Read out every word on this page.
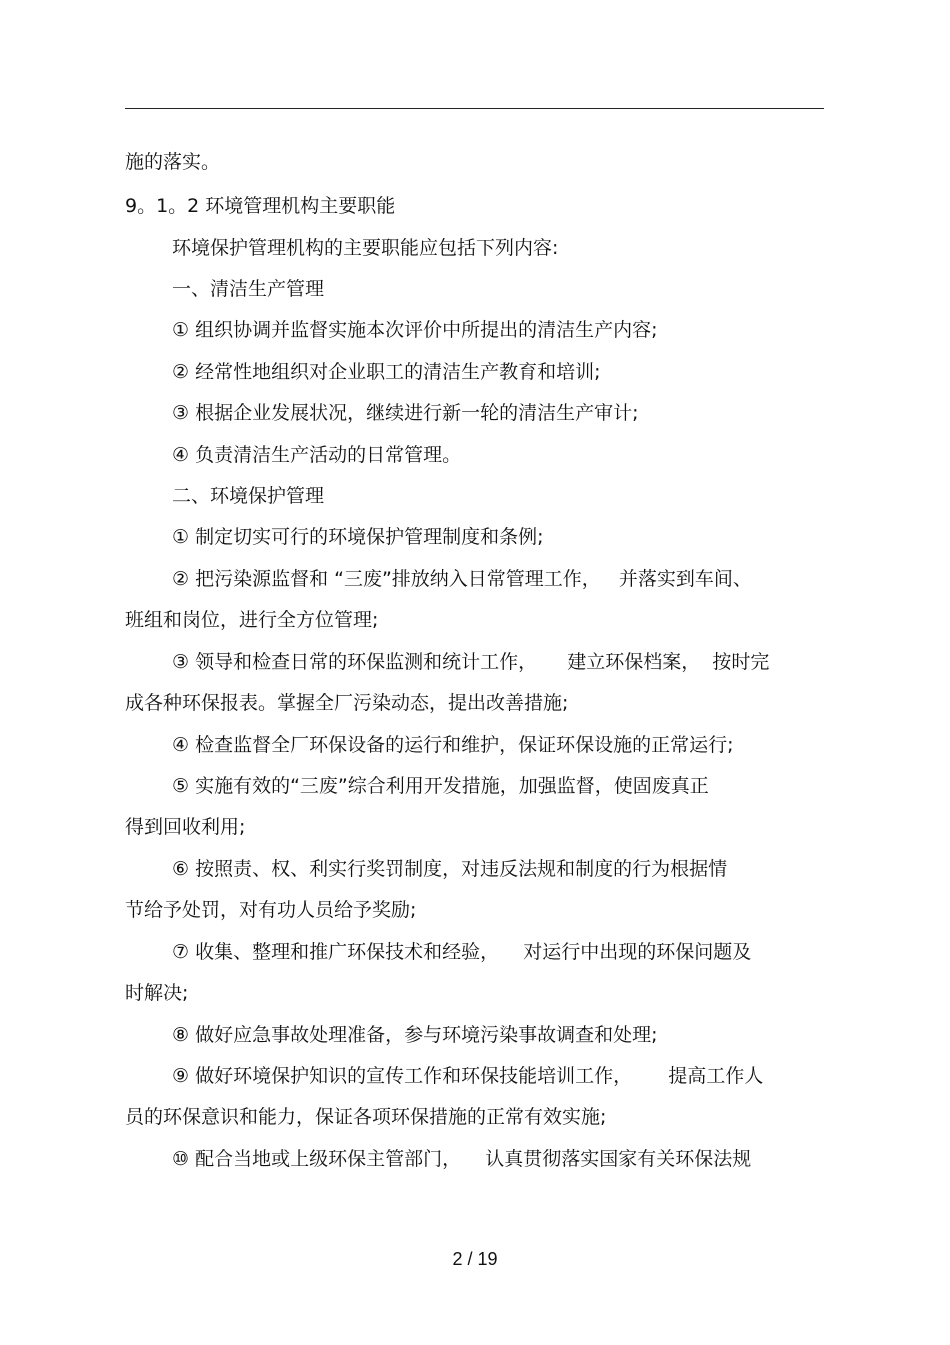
施的落实。
9。1。2 环境管理机构主要职能
环境保护管理机构的主要职能应包括下列内容:
一、清洁生产管理
① 组织协调并监督实施本次评价中所提出的清洁生产内容;
② 经常性地组织对企业职工的清洁生产教育和培训;
③ 根据企业发展状况，继续进行新一轮的清洁生产审计;
④ 负责清洁生产活动的日常管理。
二、环境保护管理
① 制定切实可行的环境保护管理制度和条例;
② 把污染源监督和 “三废”排放纳入日常管理工作，   并落实到车间、
班组和岗位，进行全方位管理;
③ 领导和检查日常的环保监测和统计工作，     建立环保档案，  按时完
成各种环保报表。掌握全厂污染动态，提出改善措施;
④ 检查监督全厂环保设备的运行和维护，保证环保设施的正常运行;
⑤ 实施有效的“三废”综合利用开发措施，加强监督，使固废真正
得到回收利用;
⑥ 按照责、权、利实行奖罚制度，对违反法规和制度的行为根据情
节给予处罚，对有功人员给予奖励;
⑦ 收集、整理和推广环保技术和经验，    对运行中出现的环保问题及
时解决;
⑧ 做好应急事故处理准备，参与环境污染事故调查和处理;
⑨ 做好环境保护知识的宣传工作和环保技能培训工作，      提高工作人
员的环保意识和能力，保证各项环保措施的正常有效实施;
⑩ 配合当地或上级环保主管部门，    认真贯彻落实国家有关环保法规
2 / 19
